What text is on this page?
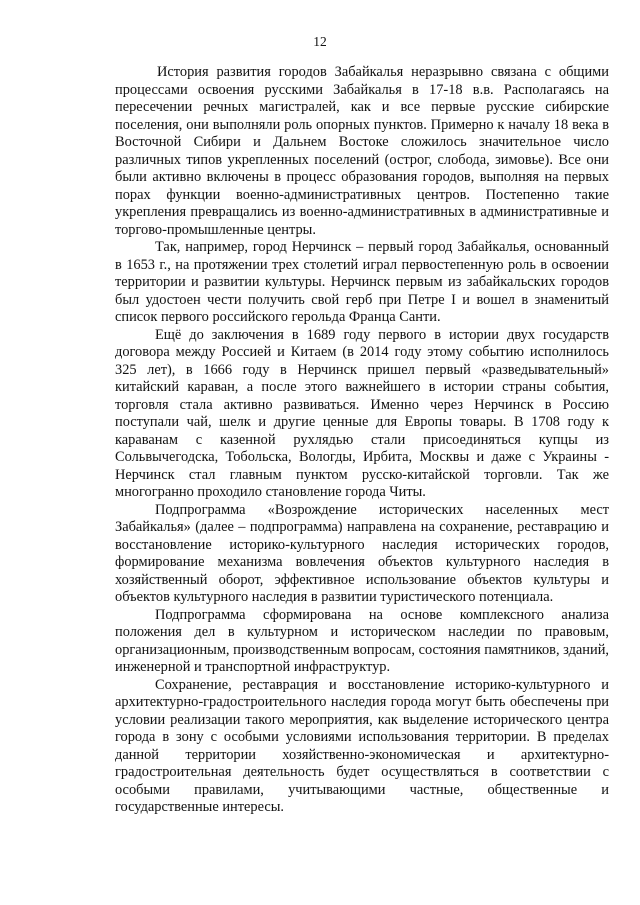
12

История развития городов Забайкалья неразрывно связана с общими процессами освоения русскими Забайкалья в 17-18 в.в. Располагаясь на пересечении речных магистралей, как и все первые русские сибирские поселения, они выполняли роль опорных пунктов. Примерно к началу 18 века в Восточной Сибири и Дальнем Востоке сложилось значительное число различных типов укрепленных поселений (острог, слобода, зимовье). Все они были активно включены в процесс образования городов, выполняя на первых порах функции военно-административных центров. Постепенно такие укрепления превращались из военно-административных в административные и торгово-промышленные центры.

Так, например, город Нерчинск – первый город Забайкалья, основанный в 1653 г., на протяжении трех столетий играл первостепенную роль в освоении территории и развитии культуры. Нерчинск первым из забайкальских городов был удостоен чести получить свой герб при Петре I и вошел в знаменитый список первого российского герольда Франца Санти.

Ещё до заключения в 1689 году первого в истории двух государств договора между Россией и Китаем (в 2014 году этому событию исполнилось 325 лет), в 1666 году в Нерчинск пришел первый «разведывательный» китайский караван, а после этого важнейшего в истории страны события, торговля стала активно развиваться. Именно через Нерчинск в Россию поступали чай, шелк и другие ценные для Европы товары. В 1708 году к караванам с казенной рухлядью стали присоединяться купцы из Сольвычегодска, Тобольска, Вологды, Ирбита, Москвы и даже с Украины - Нерчинск стал главным пунктом русско-китайской торговли. Так же многогранно проходило становление города Читы.

Подпрограмма «Возрождение исторических населенных мест Забайкалья» (далее – подпрограмма) направлена на сохранение, реставрацию и восстановление историко-культурного наследия исторических городов, формирование механизма вовлечения объектов культурного наследия в хозяйственный оборот, эффективное использование объектов культуры и объектов культурного наследия в развитии туристического потенциала.

Подпрограмма сформирована на основе комплексного анализа положения дел в культурном и историческом наследии по правовым, организационным, производственным вопросам, состояния памятников, зданий, инженерной и транспортной инфраструктур.

Сохранение, реставрация и восстановление историко-культурного и архитектурно-градостроительного наследия города могут быть обеспечены при условии реализации такого мероприятия, как выделение исторического центра города в зону с особыми условиями использования территории. В пределах данной территории хозяйственно-экономическая и архитектурно-градостроительная деятельность будет осуществляться в соответствии с особыми правилами, учитывающими частные, общественные и государственные интересы.
